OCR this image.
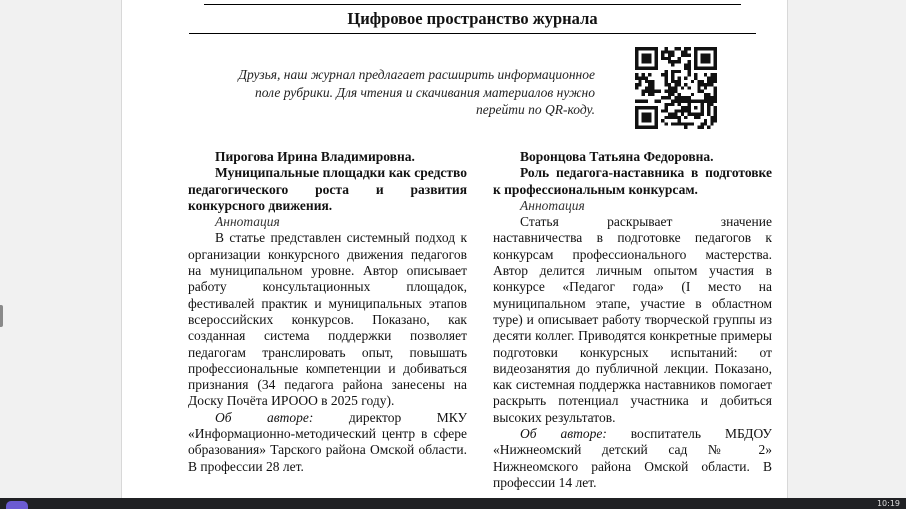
Цифровое пространство журнала
Друзья, наш журнал предлагает расширить информационное поле рубрики. Для чтения и скачивания материалов нужно перейти по QR-коду.
Пирогова Ирина Владимировна.
Муниципальные площадки как средство педагогического роста и развития конкурсного движения.
Аннотация
В статье представлен системный подход к организации конкурсного движения педагогов на муниципальном уровне. Автор описывает работу консультационных площадок, фестивалей практик и муниципальных этапов всероссийских конкурсов. Показано, как созданная система поддержки позволяет педагогам транслировать опыт, повышать профессиональные компетенции и добиваться признания (34 педагога района занесены на Доску Почёта ИРООО в 2025 году).
Об авторе: директор МКУ «Информационно-методический центр в сфере образования» Тарского района Омской области. В профессии 28 лет.
Воронцова Татьяна Федоровна.
Роль педагога-наставника в подготовке к профессиональным конкурсам.
Аннотация
Статья раскрывает значение наставничества в подготовке педагогов к конкурсам профессионального мастерства. Автор делится личным опытом участия в конкурсе «Педагог года» (I место на муниципальном этапе, участие в областном туре) и описывает работу творческой группы из десяти коллег. Приводятся конкретные примеры подготовки конкурсных испытаний: от видеозанятия до публичной лекции. Показано, как системная поддержка наставников помогает раскрыть потенциал участника и добиться высоких результатов.
Об авторе: воспитатель МБДОУ «Нижнеомский детский сад № 2» Нижнеомского района Омской области. В профессии 14 лет.
10:19
